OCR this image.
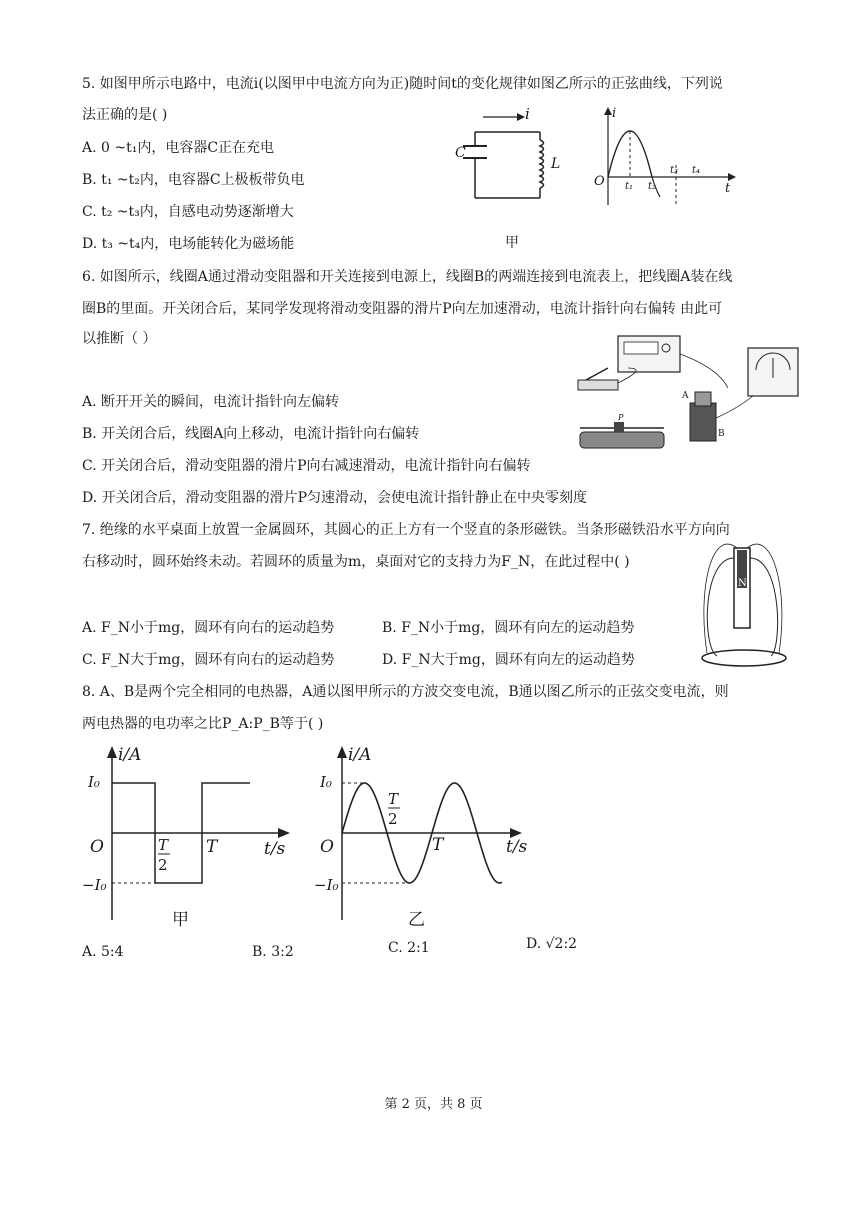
5. 如图甲所示电路中，电流i(以图甲中电流方向为正)随时间t的变化规律如图乙所示的正弦曲线，下列说
法正确的是( )
A. 0 ~t₁内，电容器C正在充电
B. t₁ ~t₂内，电容器C上极板带负电
C. t₂ ~t₃内，自感电动势逐渐增大
D. t₃ ~t₄内，电场能转化为磁场能
i
C
L
甲
i
t
O t₁ t₂
t₃ t₄
6. 如图所示，线圈A通过滑动变阻器和开关连接到电源上，线圈B的两端连接到电流表上，把线圈A装在线
圈B的里面。开关闭合后，某同学发现将滑动变阻器的滑片P向左加速滑动，电流计指针向右偏转 由此可
以推断（ ）
A. 断开开关的瞬间，电流计指针向左偏转
B. 开关闭合后，线圈A向上移动，电流计指针向右偏转
C. 开关闭合后，滑动变阻器的滑片P向右减速滑动，电流计指针向右偏转
D. 开关闭合后，滑动变阻器的滑片P匀速滑动，会使电流计指针静止在中央零刻度
A
B
P
7. 绝缘的水平桌面上放置一金属圆环，其圆心的正上方有一个竖直的条形磁铁。当条形磁铁沿水平方向向
右移动时，圆环始终未动。若圆环的质量为m，桌面对它的支持力为F_N，在此过程中( )
A. F_N小于mg，圆环有向右的运动趋势	B. F_N小于mg，圆环有向左的运动趋势
C. F_N大于mg，圆环有向右的运动趋势	D. F_N大于mg，圆环有向左的运动趋势
N
8. A、B是两个完全相同的电热器，A通以图甲所示的方波交变电流，B通以图乙所示的正弦交变电流，则
两电热器的电功率之比P_A:P_B等于( )
i/A
t/s
O
I₀
−I₀
T
2
T
甲
i/A
t/s
O
I₀
−I₀
T
2
T
乙
A. 5:4	B. 3:2	C. 2:1	D. √2:2
第 2 页，共 8 页
